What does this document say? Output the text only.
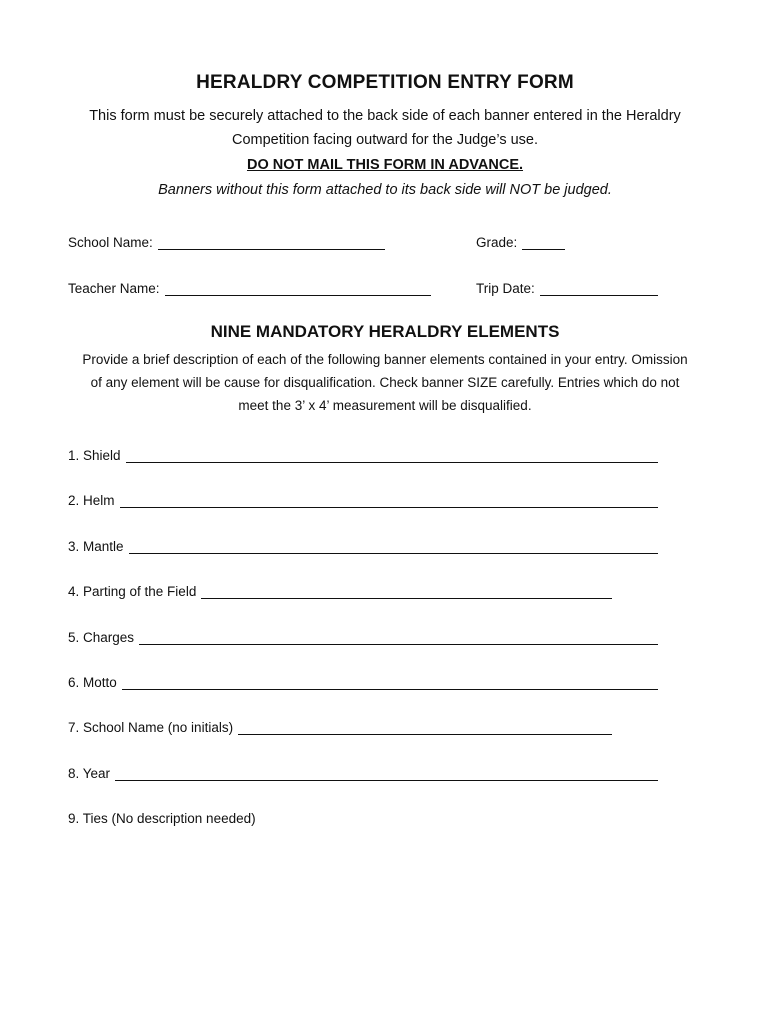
HERALDRY COMPETITION ENTRY FORM
This form must be securely attached to the back side of each banner entered in the Heraldry
Competition facing outward for the Judge’s use.
DO NOT MAIL THIS FORM IN ADVANCE.
Banners without this form attached to its back side will NOT be judged.
School Name:	Grade:
Teacher Name:	Trip Date:
NINE MANDATORY HERALDRY ELEMENTS
Provide a brief description of each of the following banner elements contained in your entry. Omission
of any element will be cause for disqualification. Check banner SIZE carefully. Entries which do not
meet the 3’ x 4’ measurement will be disqualified.
1. Shield
2. Helm
3. Mantle
4. Parting of the Field
5. Charges
6. Motto
7. School Name (no initials)
8. Year
9. Ties (No description needed)
